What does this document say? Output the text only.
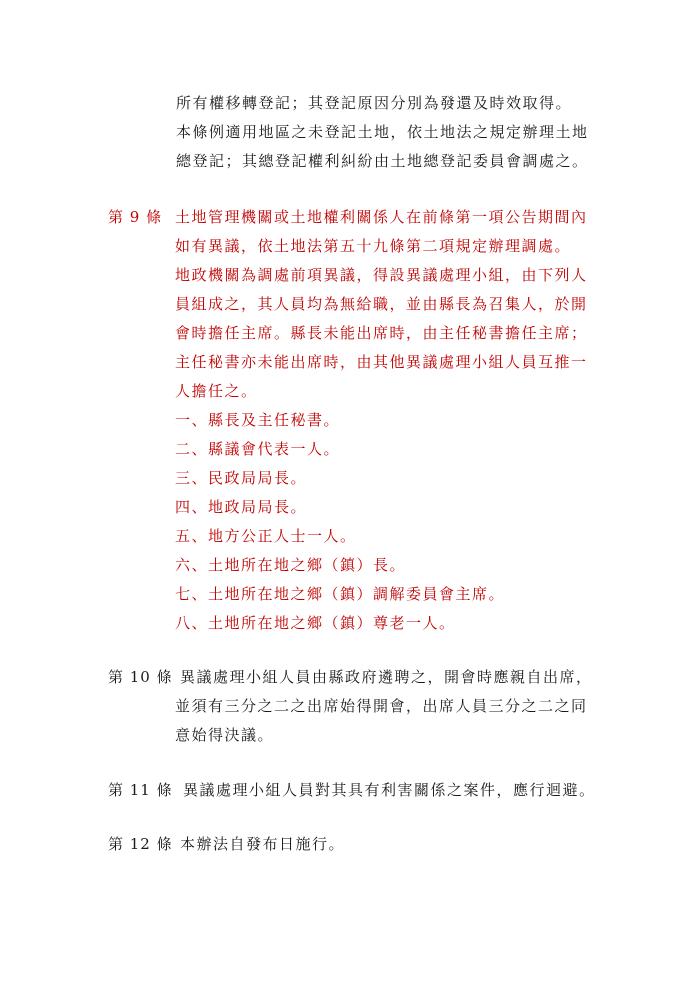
所有權移轉登記；其登記原因分別為發還及時效取得。
本條例適用地區之未登記土地，依土地法之規定辦理土地
總登記；其總登記權利糾紛由土地總登記委員會調處之。
第 9 條 土地管理機關或土地權利關係人在前條第一項公告期間內
如有異議，依土地法第五十九條第二項規定辦理調處。
地政機關為調處前項異議，得設異議處理小組，由下列人
員組成之，其人員均為無給職，並由縣長為召集人，於開
會時擔任主席。縣長未能出席時，由主任秘書擔任主席；
主任秘書亦未能出席時，由其他異議處理小組人員互推一
人擔任之。
一、縣長及主任秘書。
二、縣議會代表一人。
三、民政局局長。
四、地政局局長。
五、地方公正人士一人。
六、土地所在地之鄉（鎮）長。
七、土地所在地之鄉（鎮）調解委員會主席。
八、土地所在地之鄉（鎮）尊老一人。
第 10 條 異議處理小組人員由縣政府遴聘之，開會時應親自出席，
並須有三分之二之出席始得開會，出席人員三分之二之同
意始得決議。
第 11 條 異議處理小組人員對其具有利害關係之案件，應行迴避。
第 12 條 本辦法自發布日施行。
